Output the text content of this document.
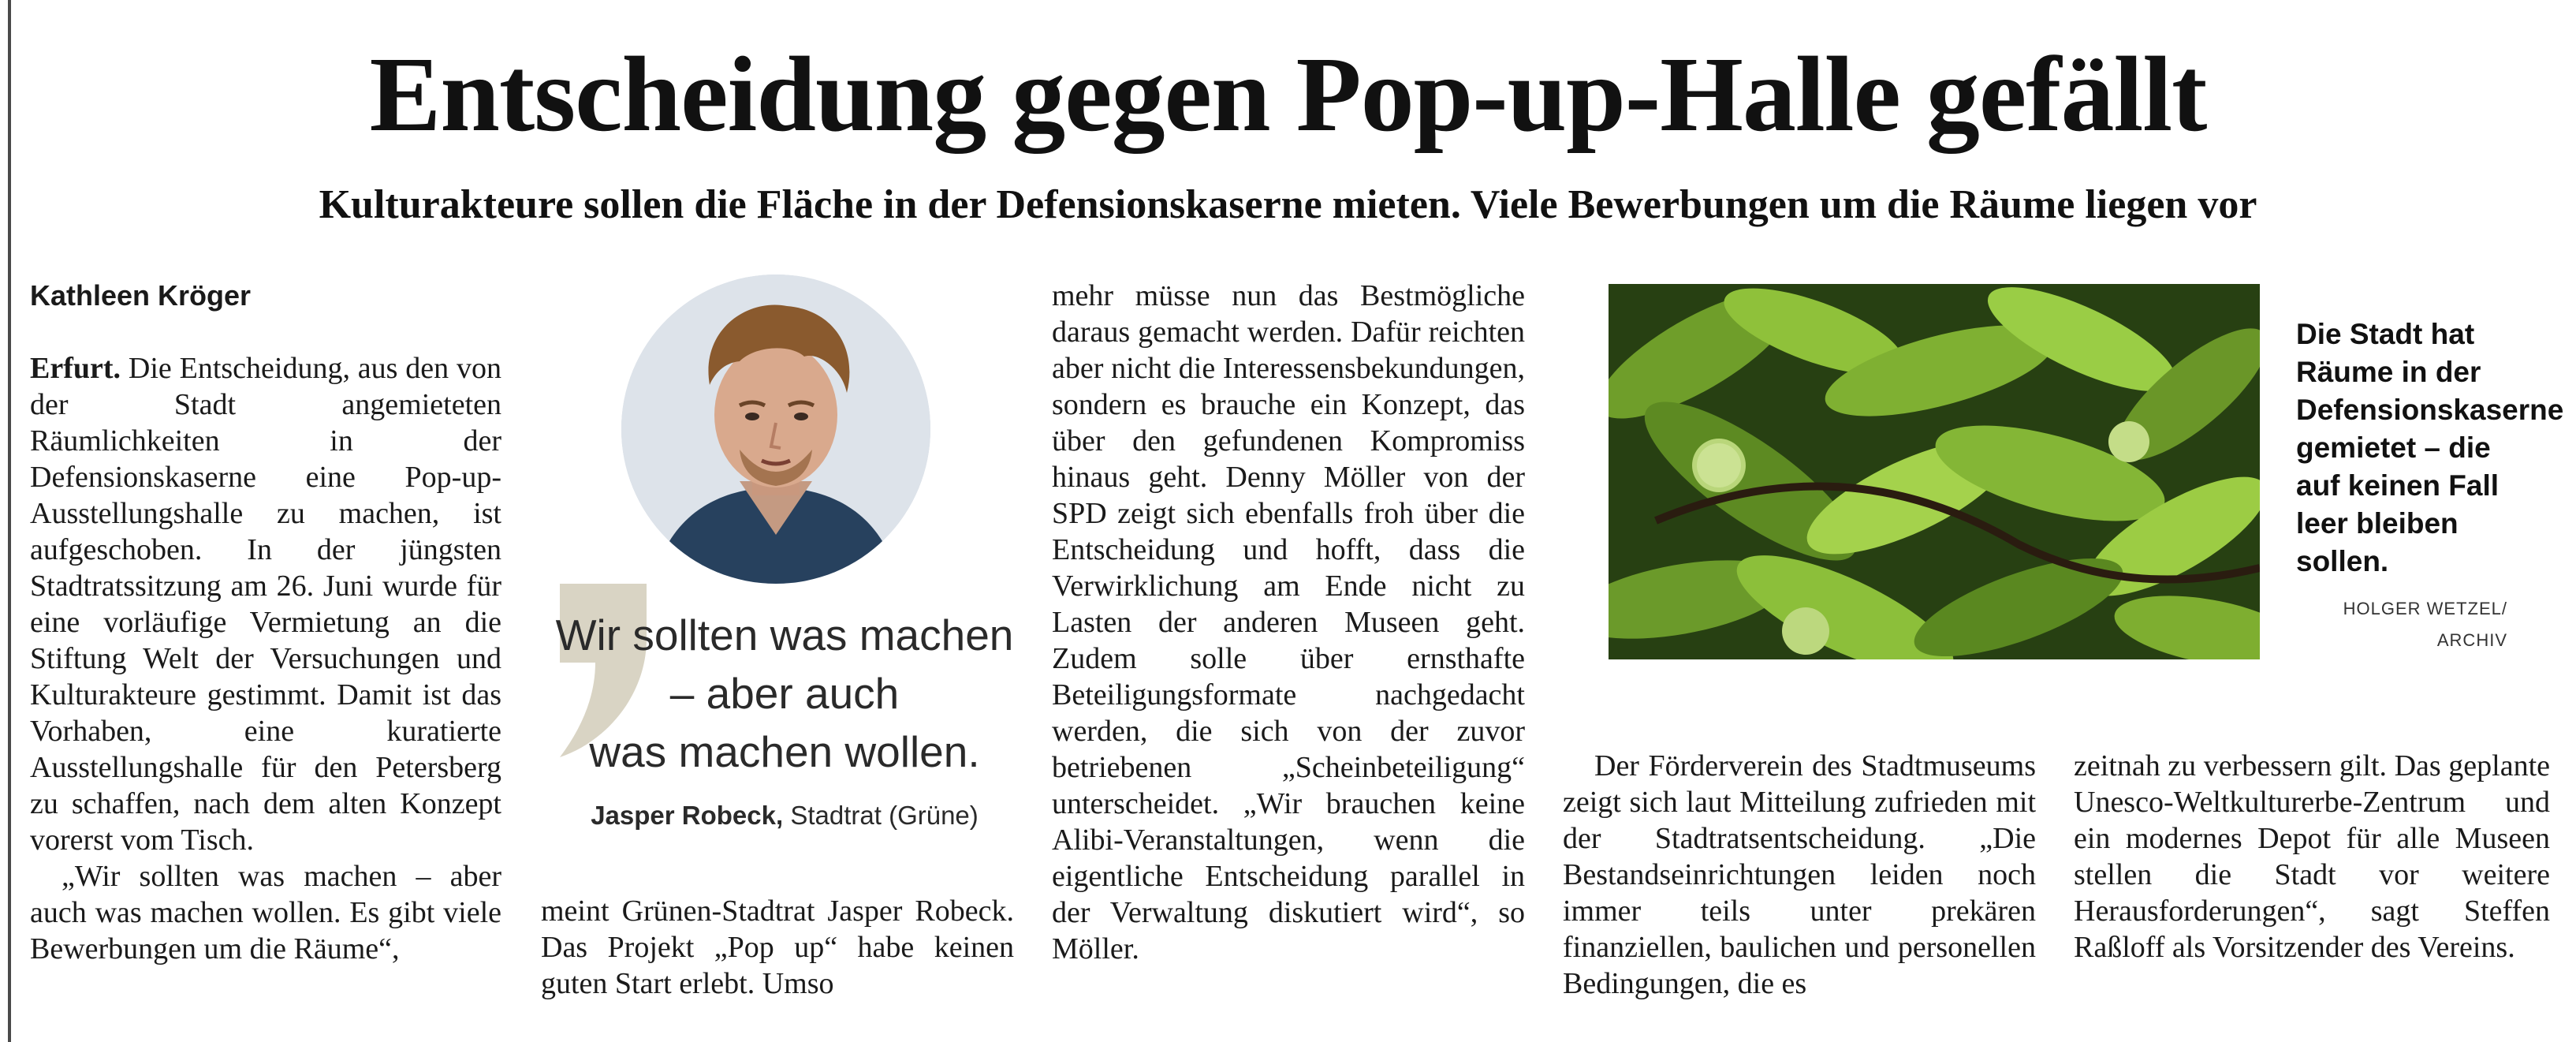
Entscheidung gegen Pop-up-Halle gefällt
Kulturakteure sollen die Fläche in der Defensionskaserne mieten. Viele Bewerbungen um die Räume liegen vor
Kathleen Kröger

Erfurt. Die Entscheidung, aus den von der Stadt angemieteten Räumlichkeiten in der Defensionskaserne eine Pop-up-Ausstellungshalle zu machen, ist aufgeschoben. In der jüngsten Stadtratssitzung am 26. Juni wurde für eine vorläufige Vermietung an die Stiftung Welt der Versuchungen und Kulturakteure gestimmt. Damit ist das Vorhaben, eine kuratierte Ausstellungshalle für den Petersberg zu schaffen, nach dem alten Konzept vorerst vom Tisch.

„Wir sollten was machen – aber auch was machen wollen. Es gibt viele Bewerbungen um die Räume“,

Wir sollten was machen
– aber auch
was machen wollen.
Jasper Robeck, Stadtrat (Grüne)

meint Grünen-Stadtrat Jasper Robeck. Das Projekt „Pop up“ habe keinen guten Start erlebt. Umso

mehr müsse nun das Bestmögliche daraus gemacht werden. Dafür reichten aber nicht die Interessensbekundungen, sondern es brauche ein Konzept, das über den gefundenen Kompromiss hinaus geht. Denny Möller von der SPD zeigt sich ebenfalls froh über die Entscheidung und hofft, dass die Verwirklichung am Ende nicht zu Lasten der anderen Museen geht. Zudem solle über ernsthafte Beteiligungsformate nachgedacht werden, die sich von der zuvor betriebenen „Scheinbeteiligung“ unterscheidet. „Wir brauchen keine Alibi-Veranstaltungen, wenn die eigentliche Entscheidung parallel in der Verwaltung diskutiert wird“, so Möller.

Die Stadt hat Räume in der Defensionskaserne gemietet – die auf keinen Fall leer bleiben sollen.
HOLGER WETZEL/
ARCHIV

Der Förderverein des Stadtmuseums zeigt sich laut Mitteilung zufrieden mit der Stadtratsentscheidung. „Die Bestandseinrichtungen leiden noch immer teils unter prekären finanziellen, baulichen und personellen Bedingungen, die es

zeitnah zu verbessern gilt. Das geplante Unesco-Weltkulturerbe-Zentrum und ein modernes Depot für alle Museen stellen die Stadt vor weitere Herausforderungen“, sagt Steffen Raßloff als Vorsitzender des Vereins.
